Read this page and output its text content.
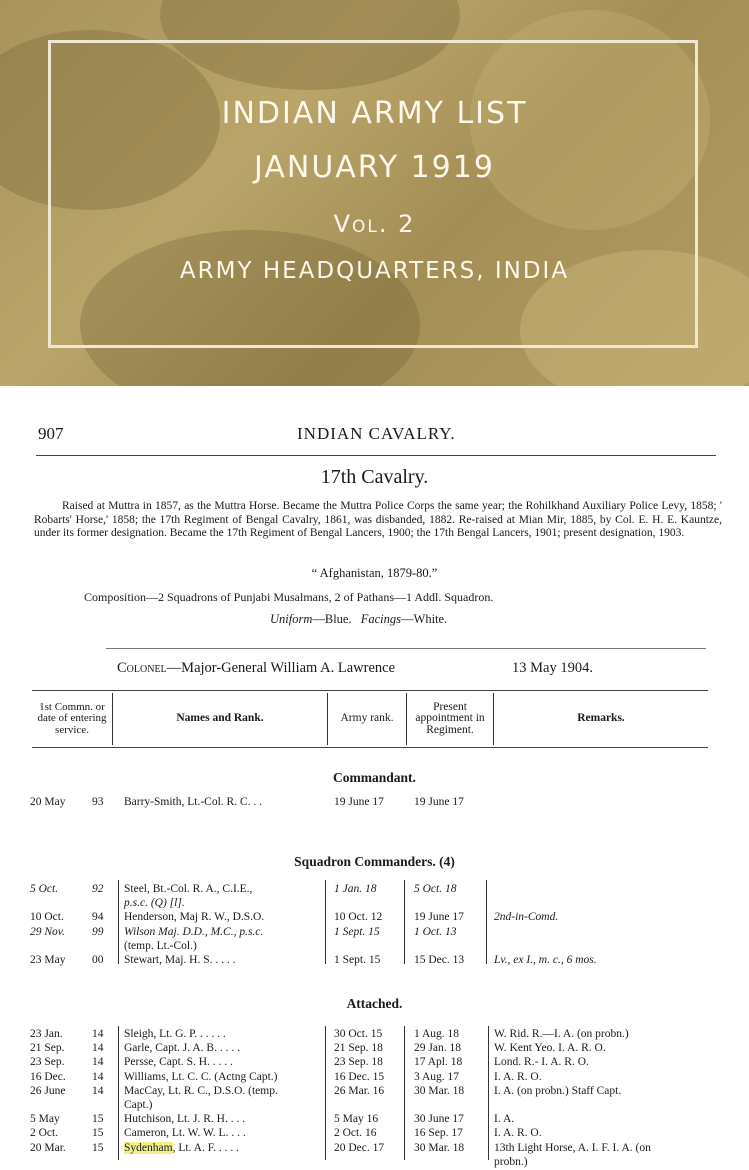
INDIAN ARMY LIST
JANUARY 1919
Vol. 2
ARMY HEADQUARTERS, INDIA
907	INDIAN CAVALRY.
17th Cavalry.
Raised at Muttra in 1857, as the Muttra Horse. Became the Muttra Police Corps the same year; the Rohilkhand Auxiliary Police Levy, 1858; ' Robarts' Horse,' 1858; the 17th Regiment of Bengal Cavalry, 1861, was disbanded, 1882. Re-raised at Mian Mir, 1885, by Col. E. H. E. Kauntze, under its former designation. Became the 17th Regiment of Bengal Lancers, 1900; the 17th Bengal Lancers, 1901; present designation, 1903.
“ Afghanistan, 1879-80.”
Composition—2 Squadrons of Punjabi Musalmans, 2 of Pathans—1 Addl. Squadron.
Uniform—Blue. Facings—White.
Colonel—Major-General William A. Lawrence	13 May 1904.
1st Commn. or date of entering service.	Names and Rank.	Army rank.	Present appointment in Regiment.	Remarks.
Commandant.
20 May 93 Barry-Smith, Lt.-Col. R. C. . .	19 June 17	19 June 17
Squadron Commanders. (4)
5 Oct.	92 Steel, Bt.-Col. R. A., C.I.E.,	1 Jan. 18	5 Oct. 18
p.s.c. (Q) [l].
10 Oct. 94 Henderson, Maj R. W., D.S.O.	10 Oct. 12	19 June 17	2nd-in-Comd.
29 Nov. 99 Wilson Maj. D.D., M.C., p.s.c.	1 Sept. 15	1 Oct. 13
(temp. Lt.-Col.)
23 May 00 Stewart, Maj. H. S. . . . .	1 Sept. 15	15 Dec. 13	Lv., ex I., m. c., 6 mos.
Attached.
23 Jan.	14 Sleigh, Lt. G. P. . . . . .	30 Oct. 15	1 Aug. 18	W. Rid. R.—I. A. (on probn.)
21 Sep. 14 Garle, Capt. J. A. B. . . . .	21 Sep. 18	29 Jan. 18	W. Kent Yeo. I. A. R. O.
23 Sep. 14 Persse, Capt. S. H. . . . .	23 Sep. 18	17 Apl. 18	Lond. R.- I. A. R. O.
16 Dec. 14 Williams, Lt. C. C. (Actng Capt.)	16 Dec. 15	3 Aug. 17	I. A. R. O.
26 June 14 MacCay, Lt. R. C., D.S.O. (temp.	26 Mar. 16	30 Mar. 18	I. A. (on probn.) Staff Capt.
Capt.)
5 May	15 Hutchison, Lt. J. R. H. . . .	5 May 16	30 June 17	I. A.
2 Oct.	15 Cameron, Lt. W. W. L. . . .	2 Oct. 16	16 Sep. 17	I. A. R. O.
20 Mar. 15 Sydenham, Lt. A. F. . . . .	20 Dec. 17	30 Mar. 18	13th Light Horse, A. I. F. I. A. (on
probn.)
